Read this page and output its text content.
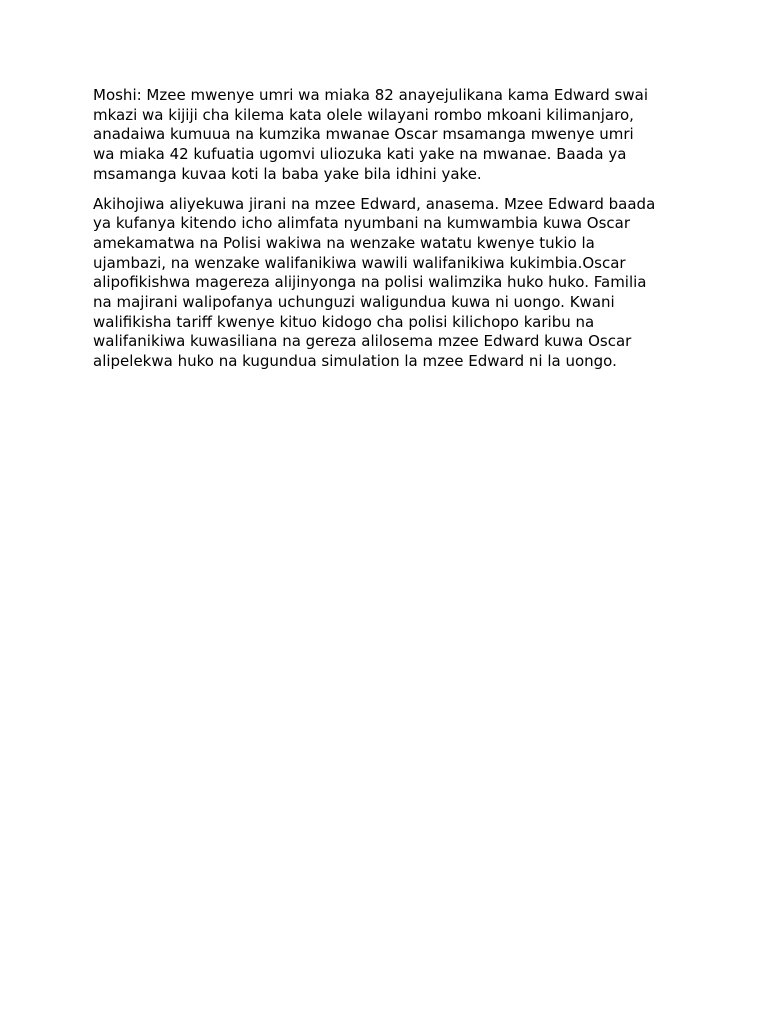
Moshi: Mzee mwenye umri wa miaka 82 anayejulikana kama Edward swai
mkazi wa kijiji cha kilema kata olele wilayani rombo mkoani kilimanjaro,
anadaiwa kumuua na kumzika mwanae Oscar msamanga mwenye umri
wa miaka 42 kufuatia ugomvi uliozuka kati yake na mwanae. Baada ya
msamanga kuvaa koti la baba yake bila idhini yake.

Akihojiwa aliyekuwa jirani na mzee Edward, anasema. Mzee Edward baada
ya kufanya kitendo icho alimfata nyumbani na kumwambia kuwa Oscar
amekamatwa na Polisi wakiwa na wenzake watatu kwenye tukio la
ujambazi, na wenzake walifanikiwa wawili walifanikiwa kukimbia.Oscar
alipofikishwa magereza alijinyonga na polisi walimzika huko huko. Familia
na majirani walipofanya uchunguzi waligundua kuwa ni uongo. Kwani
walifikisha tariff kwenye kituo kidogo cha polisi kilichopo karibu na
walifanikiwa kuwasiliana na gereza alilosema mzee Edward kuwa Oscar
alipelekwa huko na kugundua simulation la mzee Edward ni la uongo.
